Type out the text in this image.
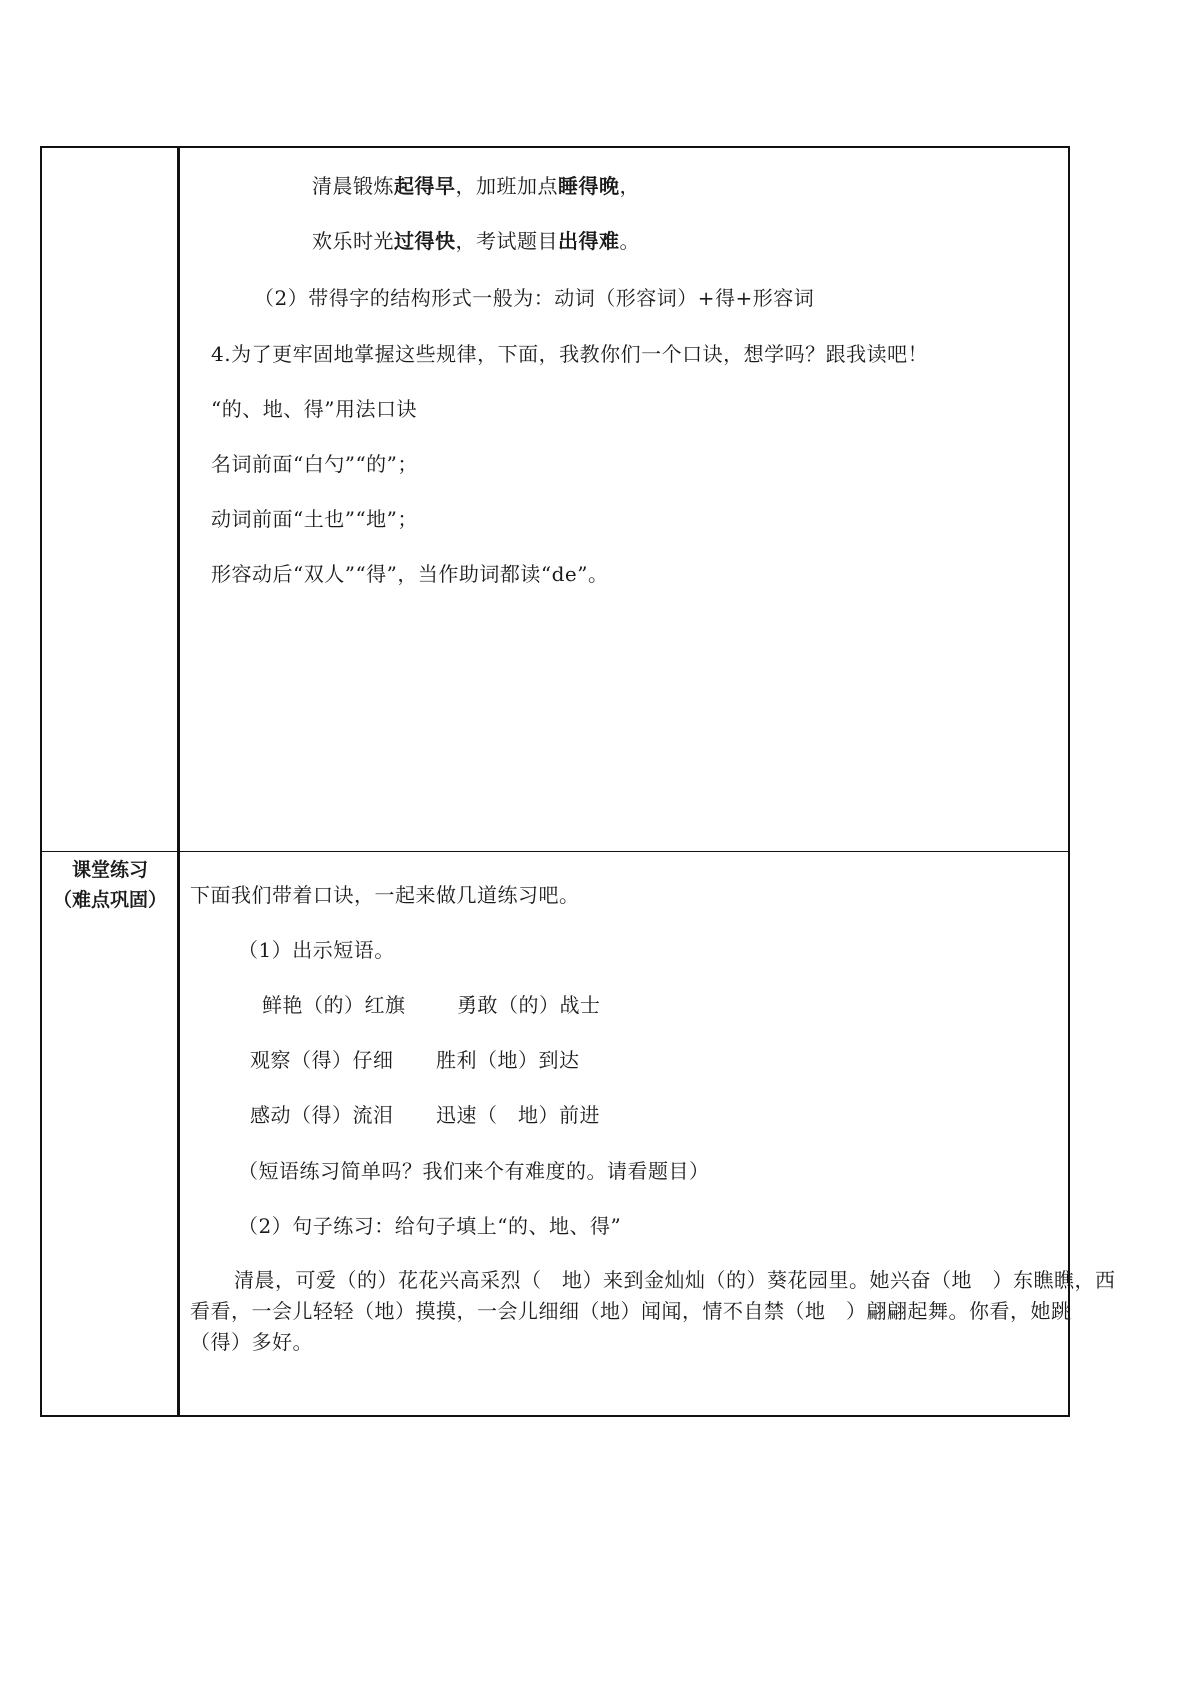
清晨锻炼起得早，加班加点睡得晚，
欢乐时光过得快，考试题目出得难。
（2）带得字的结构形式一般为：动词（形容词）+得+形容词
4.为了更牢固地掌握这些规律，下面，我教你们一个口诀，想学吗？跟我读吧！
“的、地、得”用法口诀
名词前面“白勺”“的”；
动词前面“土也”“地”；
形容动后“双人”“得”，当作助词都读“de”。
课堂练习
（难点巩固）	下面我们带着口诀，一起来做几道练习吧。
（1）出示短语。
鲜艳（的）红旗	勇敢（的）战士
观察（得）仔细 胜利（地）到达
感动（得）流泪 迅速（　地）前进
（短语练习简单吗？我们来个有难度的。请看题目）
（2）句子练习：给句子填上“的、地、得”
清晨，可爱（的）花花兴高采烈（　地）来到金灿灿（的）葵花园里。她兴奋（地　）东瞧瞧，西看看，一会儿轻轻（地）摸摸，一会儿细细（地）闻闻，情不自禁（地　）翩翩起舞。你看，她跳（得）多好。
